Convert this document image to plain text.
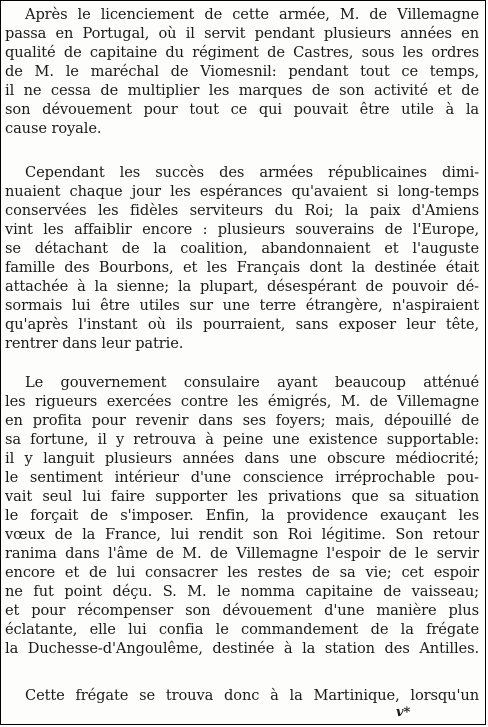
Après le licenciement de cette armée, M. de Villemagne
passa en Portugal, où il servit pendant plusieurs années en
qualité de capitaine du régiment de Castres, sous les ordres
de M. le maréchal de Viomesnil: pendant tout ce temps,
il ne cessa de multiplier les marques de son activité et de
son dévouement pour tout ce qui pouvait être utile à la
cause royale.

Cependant les succès des armées républicaines dimi-
nuaient chaque jour les espérances qu'avaient si long-temps
conservées les fidèles serviteurs du Roi; la paix d'Amiens
vint les affaiblir encore : plusieurs souverains de l'Europe,
se détachant de la coalition, abandonnaient et l'auguste
famille des Bourbons, et les Français dont la destinée était
attachée à la sienne; la plupart, désespérant de pouvoir dé-
sormais lui être utiles sur une terre étrangère, n'aspiraient
qu'après l'instant où ils pourraient, sans exposer leur tête,
rentrer dans leur patrie.

Le gouvernement consulaire ayant beaucoup atténué
les rigueurs exercées contre les émigrés, M. de Villemagne
en profita pour revenir dans ses foyers; mais, dépouillé de
sa fortune, il y retrouva à peine une existence supportable:
il y languit plusieurs années dans une obscure médiocrité;
le sentiment intérieur d'une conscience irréprochable pou-
vait seul lui faire supporter les privations que sa situation
le forçait de s'imposer. Enfin, la providence exauçant les
vœux de la France, lui rendit son Roi légitime. Son retour
ranima dans l'âme de M. de Villemagne l'espoir de le servir
encore et de lui consacrer les restes de sa vie; cet espoir
ne fut point déçu. S. M. le nomma capitaine de vaisseau;
et pour récompenser son dévouement d'une manière plus
éclatante, elle lui confia le commandement de la frégate
la Duchesse-d'Angoulême, destinée à la station des Antilles.

Cette frégate se trouva donc à la Martinique, lorsqu'un

v*
